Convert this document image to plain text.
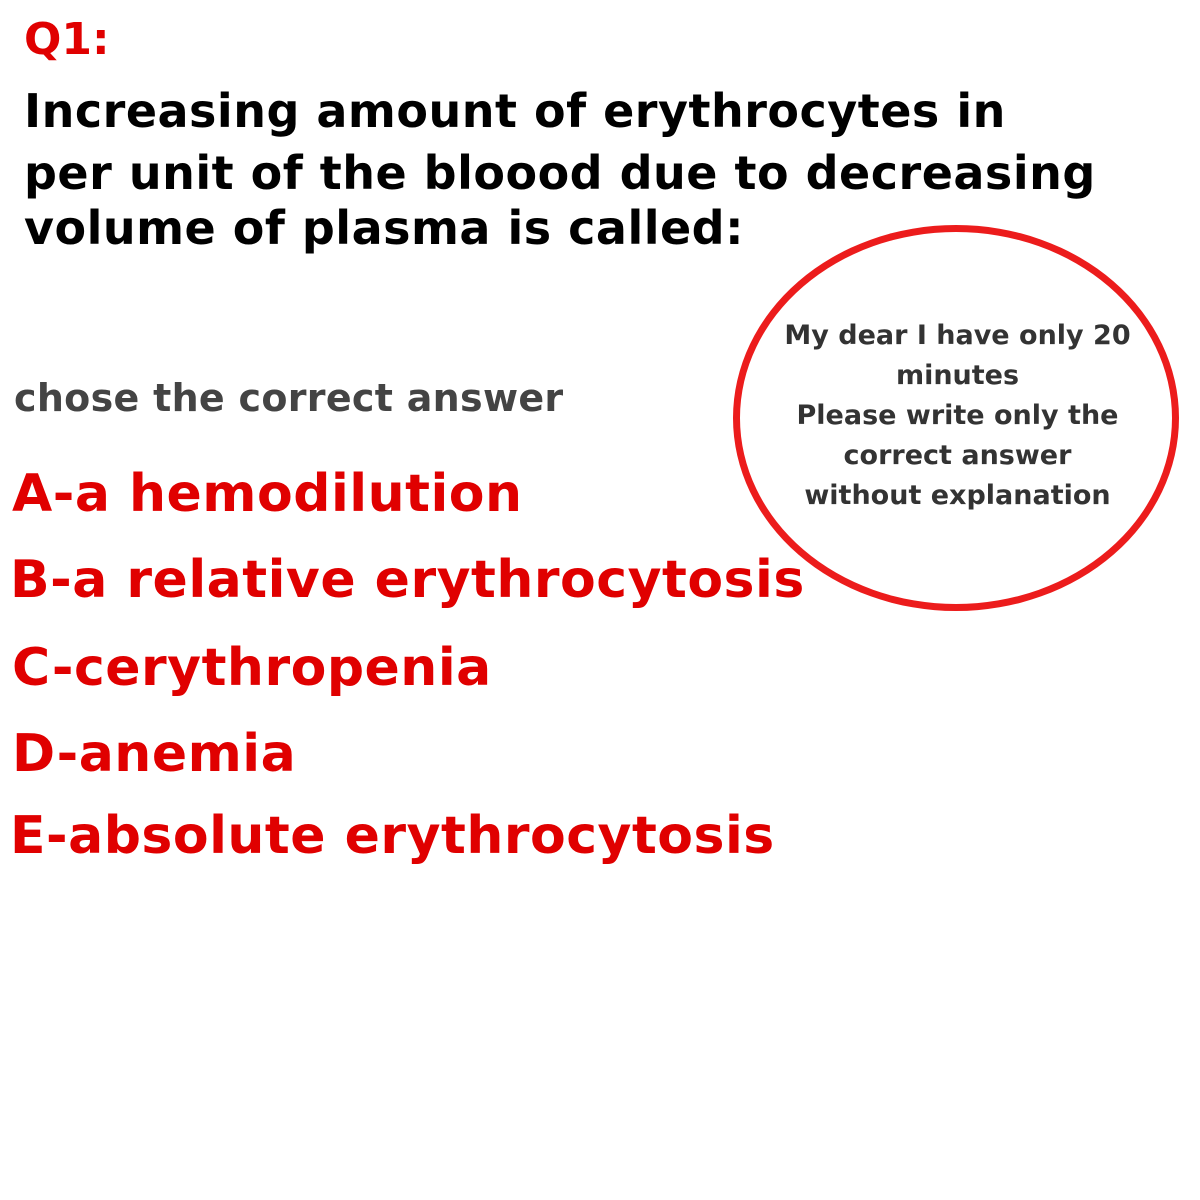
Q1:
Increasing amount of erythrocytes in
per unit of the bloood due to decreasing
volume of plasma is called:
chose the correct answer
A-a hemodilution
B-a relative erythrocytosis
C-cerythropenia
D-anemia
E-absolute erythrocytosis
My dear I have only 20
minutes
Please write only the
correct answer
without explanation
